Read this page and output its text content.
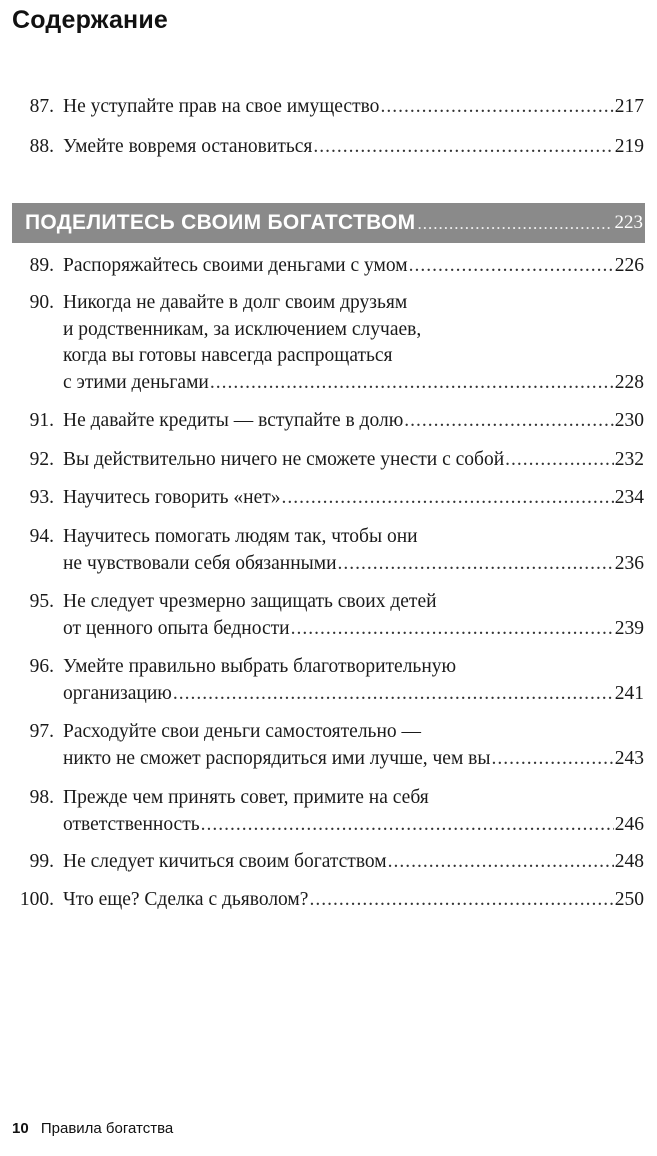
Содержание
87. Не уступайте прав на свое имущество .....	217
88. Умейте вовремя остановиться .....	219
ПОДЕЛИТЕСЬ СВОИМ БОГАТСТВОМ .....	223
89. Распоряжайтесь своими деньгами с умом .....	226
90. Никогда не давайте в долг своим друзьям
и родственникам, за исключением случаев,
когда вы готовы навсегда распрощаться
с этими деньгами .....	228
91. Не давайте кредиты — вступайте в долю .....	230
92. Вы действительно ничего не сможете унести с собой .....	232
93. Научитесь говорить «нет» .....	234
94. Научитесь помогать людям так, чтобы они
не чувствовали себя обязанными .....	236
95. Не следует чрезмерно защищать своих детей
от ценного опыта бедности .....	239
96. Умейте правильно выбрать благотворительную
организацию .....	241
97. Расходуйте свои деньги самостоятельно —
никто не сможет распорядиться ими лучше, чем вы .....	243
98. Прежде чем принять совет, примите на себя
ответственность .....	246
99. Не следует кичиться своим богатством .....	248
100. Что еще? Сделка с дьяволом? .....	250
10 Правила богатства
